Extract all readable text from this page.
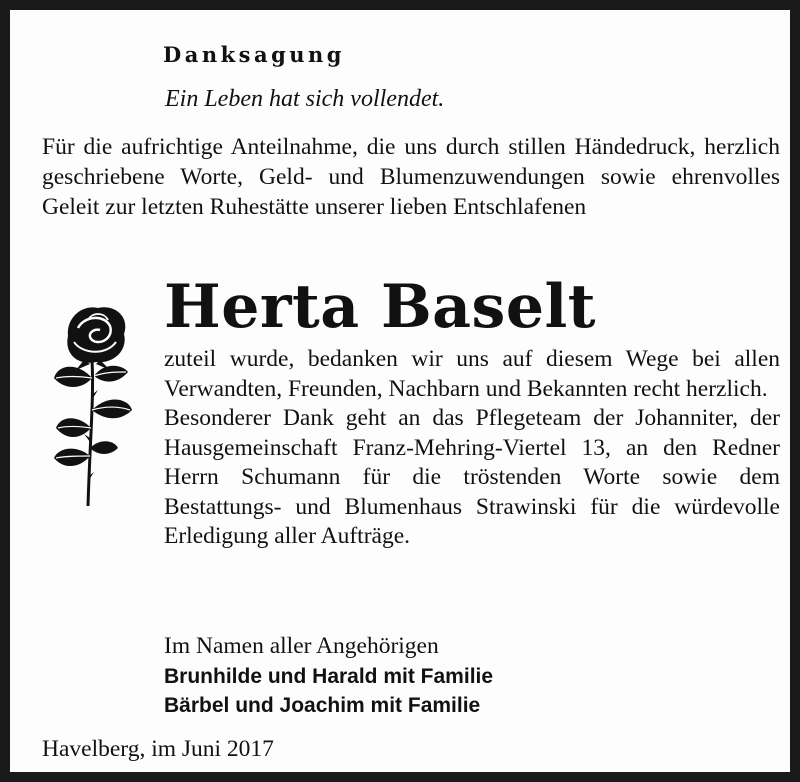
Danksagung
Ein Leben hat sich vollendet.

Für die aufrichtige Anteilnahme, die uns durch stillen Händedruck, herzlich geschriebene Worte, Geld- und Blumenzuwendungen sowie ehrenvolles Geleit zur letzten Ruhestätte unserer lieben Entschlafenen

Herta Baselt
zuteil wurde, bedanken wir uns auf diesem Wege bei allen Verwandten, Freunden, Nachbarn und Bekannten recht herzlich.
Besonderer Dank geht an das Pflegeteam der Johanniter, der Hausgemeinschaft Franz-Mehring-Viertel 13, an den Redner Herrn Schumann für die tröstenden Worte sowie dem Bestattungs- und Blumenhaus Strawinski für die würdevolle Erledigung aller Aufträge.
Im Namen aller Angehörigen
Brunhilde und Harald mit Familie
Bärbel und Joachim mit Familie
Havelberg, im Juni 2017
